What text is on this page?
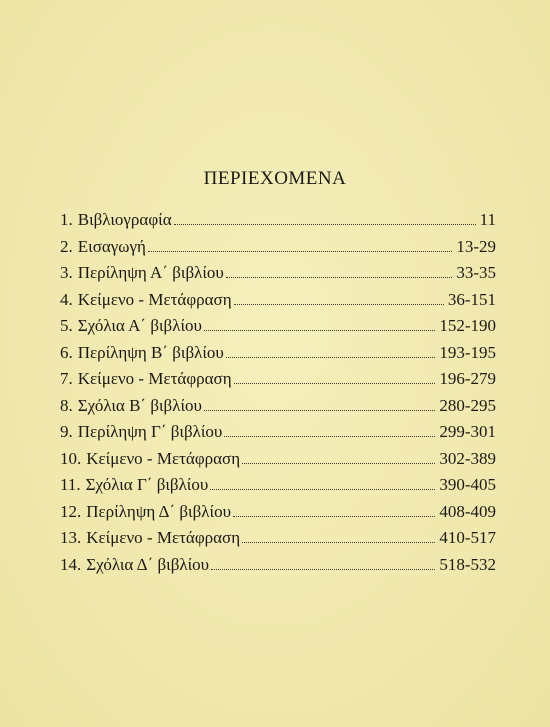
ΠΕΡΙΕΧΟΜΕΝΑ
1. Βιβλιογραφία	11
2. Εισαγωγή	13-29
3. Περίληψη Α΄ βιβλίου	33-35
4. Κείμενο - Μετάφραση	36-151
5. Σχόλια Α΄ βιβλίου	152-190
6. Περίληψη Β΄ βιβλίου	193-195
7. Κείμενο - Μετάφραση	196-279
8. Σχόλια Β΄ βιβλίου	280-295
9. Περίληψη Γ΄ βιβλίου	299-301
10. Κείμενο - Μετάφραση	302-389
11. Σχόλια Γ΄ βιβλίου	390-405
12. Περίληψη Δ΄ βιβλίου	408-409
13. Κείμενο - Μετάφραση	410-517
14. Σχόλια Δ΄ βιβλίου	518-532
